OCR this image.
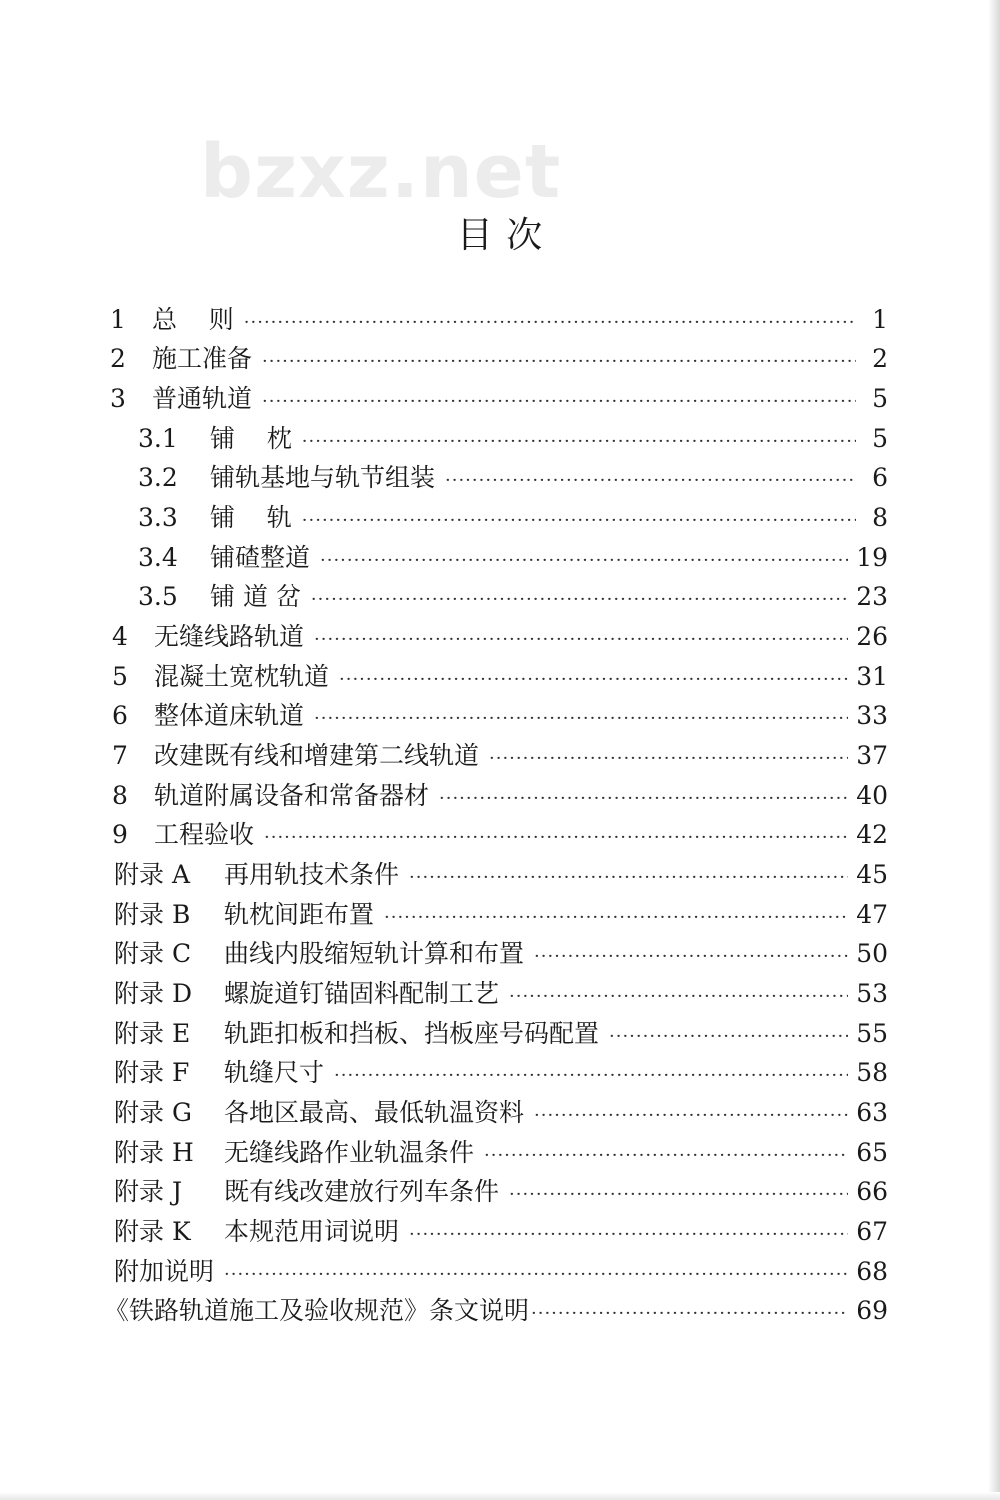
bzxz.net
目 次
1	总    则 ·····	1
2	施工准备 ·····	2
3	普通轨道 ·····	5
3.1	铺    枕 ·····	5
3.2	铺轨基地与轨节组装 ·····	6
3.3	铺    轨 ·····	8
3.4	铺碴整道 ·····	19
3.5	铺 道 岔 ·····	23
4	无缝线路轨道 ·····	26
5	混凝土宽枕轨道 ·····	31
6	整体道床轨道 ·····	33
7	改建既有线和增建第二线轨道 ·····	37
8	轨道附属设备和常备器材 ·····	40
9	工程验收 ·····	42
附录 A	再用轨技术条件 ·····	45
附录 B	轨枕间距布置 ·····	47
附录 C	曲线内股缩短轨计算和布置 ·····	50
附录 D	螺旋道钉锚固料配制工艺 ·····	53
附录 E	轨距扣板和挡板、挡板座号码配置 ·····	55
附录 F	轨缝尺寸 ·····	58
附录 G	各地区最高、最低轨温资料 ·····	63
附录 H	无缝线路作业轨温条件 ·····	65
附录 J	既有线改建放行列车条件 ·····	66
附录 K	本规范用词说明 ·····	67
附加说明 ·····	68
《铁路轨道施工及验收规范》条文说明 ·····	69
